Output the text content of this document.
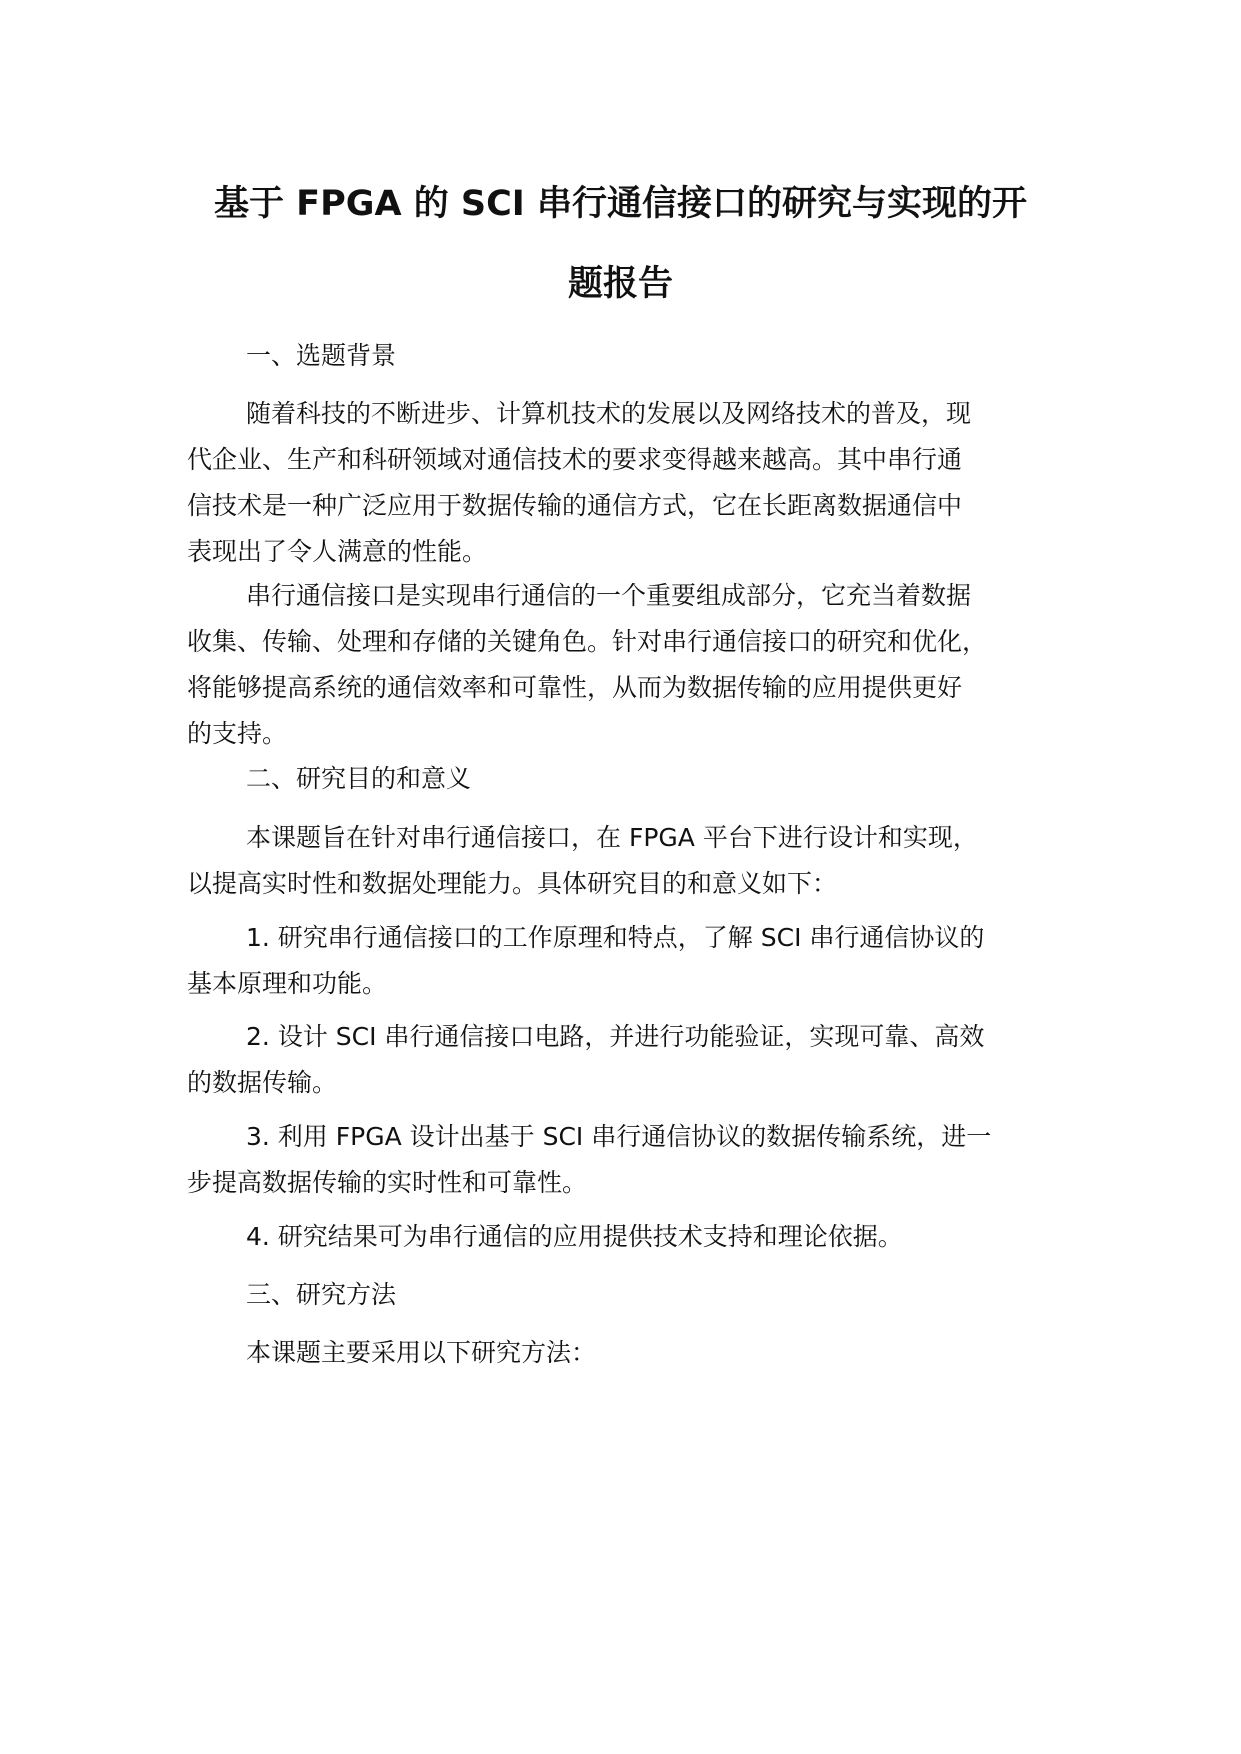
基于 FPGA 的 SCI 串行通信接口的研究与实现的开
题报告

一、选题背景

随着科技的不断进步、计算机技术的发展以及网络技术的普及，现
代企业、生产和科研领域对通信技术的要求变得越来越高。其中串行通
信技术是一种广泛应用于数据传输的通信方式，它在长距离数据通信中
表现出了令人满意的性能。

串行通信接口是实现串行通信的一个重要组成部分，它充当着数据
收集、传输、处理和存储的关键角色。针对串行通信接口的研究和优化，
将能够提高系统的通信效率和可靠性，从而为数据传输的应用提供更好
的支持。

二、研究目的和意义

本课题旨在针对串行通信接口，在 FPGA 平台下进行设计和实现，
以提高实时性和数据处理能力。具体研究目的和意义如下：

1. 研究串行通信接口的工作原理和特点，了解 SCI 串行通信协议的
基本原理和功能。

2. 设计 SCI 串行通信接口电路，并进行功能验证，实现可靠、高效
的数据传输。

3. 利用 FPGA 设计出基于 SCI 串行通信协议的数据传输系统，进一
步提高数据传输的实时性和可靠性。

4. 研究结果可为串行通信的应用提供技术支持和理论依据。

三、研究方法

本课题主要采用以下研究方法：
